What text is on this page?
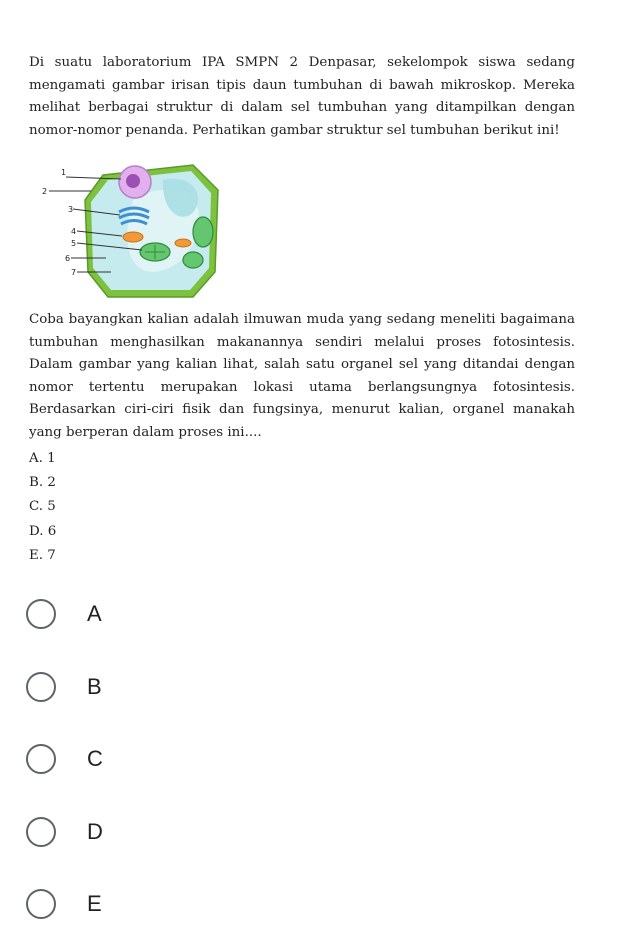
Di suatu laboratorium IPA SMPN 2 Denpasar, sekelompok siswa sedang mengamati gambar irisan tipis daun tumbuhan di bawah mikroskop. Mereka melihat berbagai struktur di dalam sel tumbuhan yang ditampilkan dengan nomor-nomor penanda. Perhatikan gambar struktur sel tumbuhan berikut ini!

1
2
3
4
5
6
7

Coba bayangkan kalian adalah ilmuwan muda yang sedang meneliti bagaimana tumbuhan menghasilkan makanannya sendiri melalui proses fotosintesis. Dalam gambar yang kalian lihat, salah satu organel sel yang ditandai dengan nomor tertentu merupakan lokasi utama berlangsungnya fotosintesis. Berdasarkan ciri-ciri fisik dan fungsinya, menurut kalian, organel manakah yang berperan dalam proses ini....

A. 1
B. 2
C. 5
D. 6
E. 7
A
B
C
D
E
